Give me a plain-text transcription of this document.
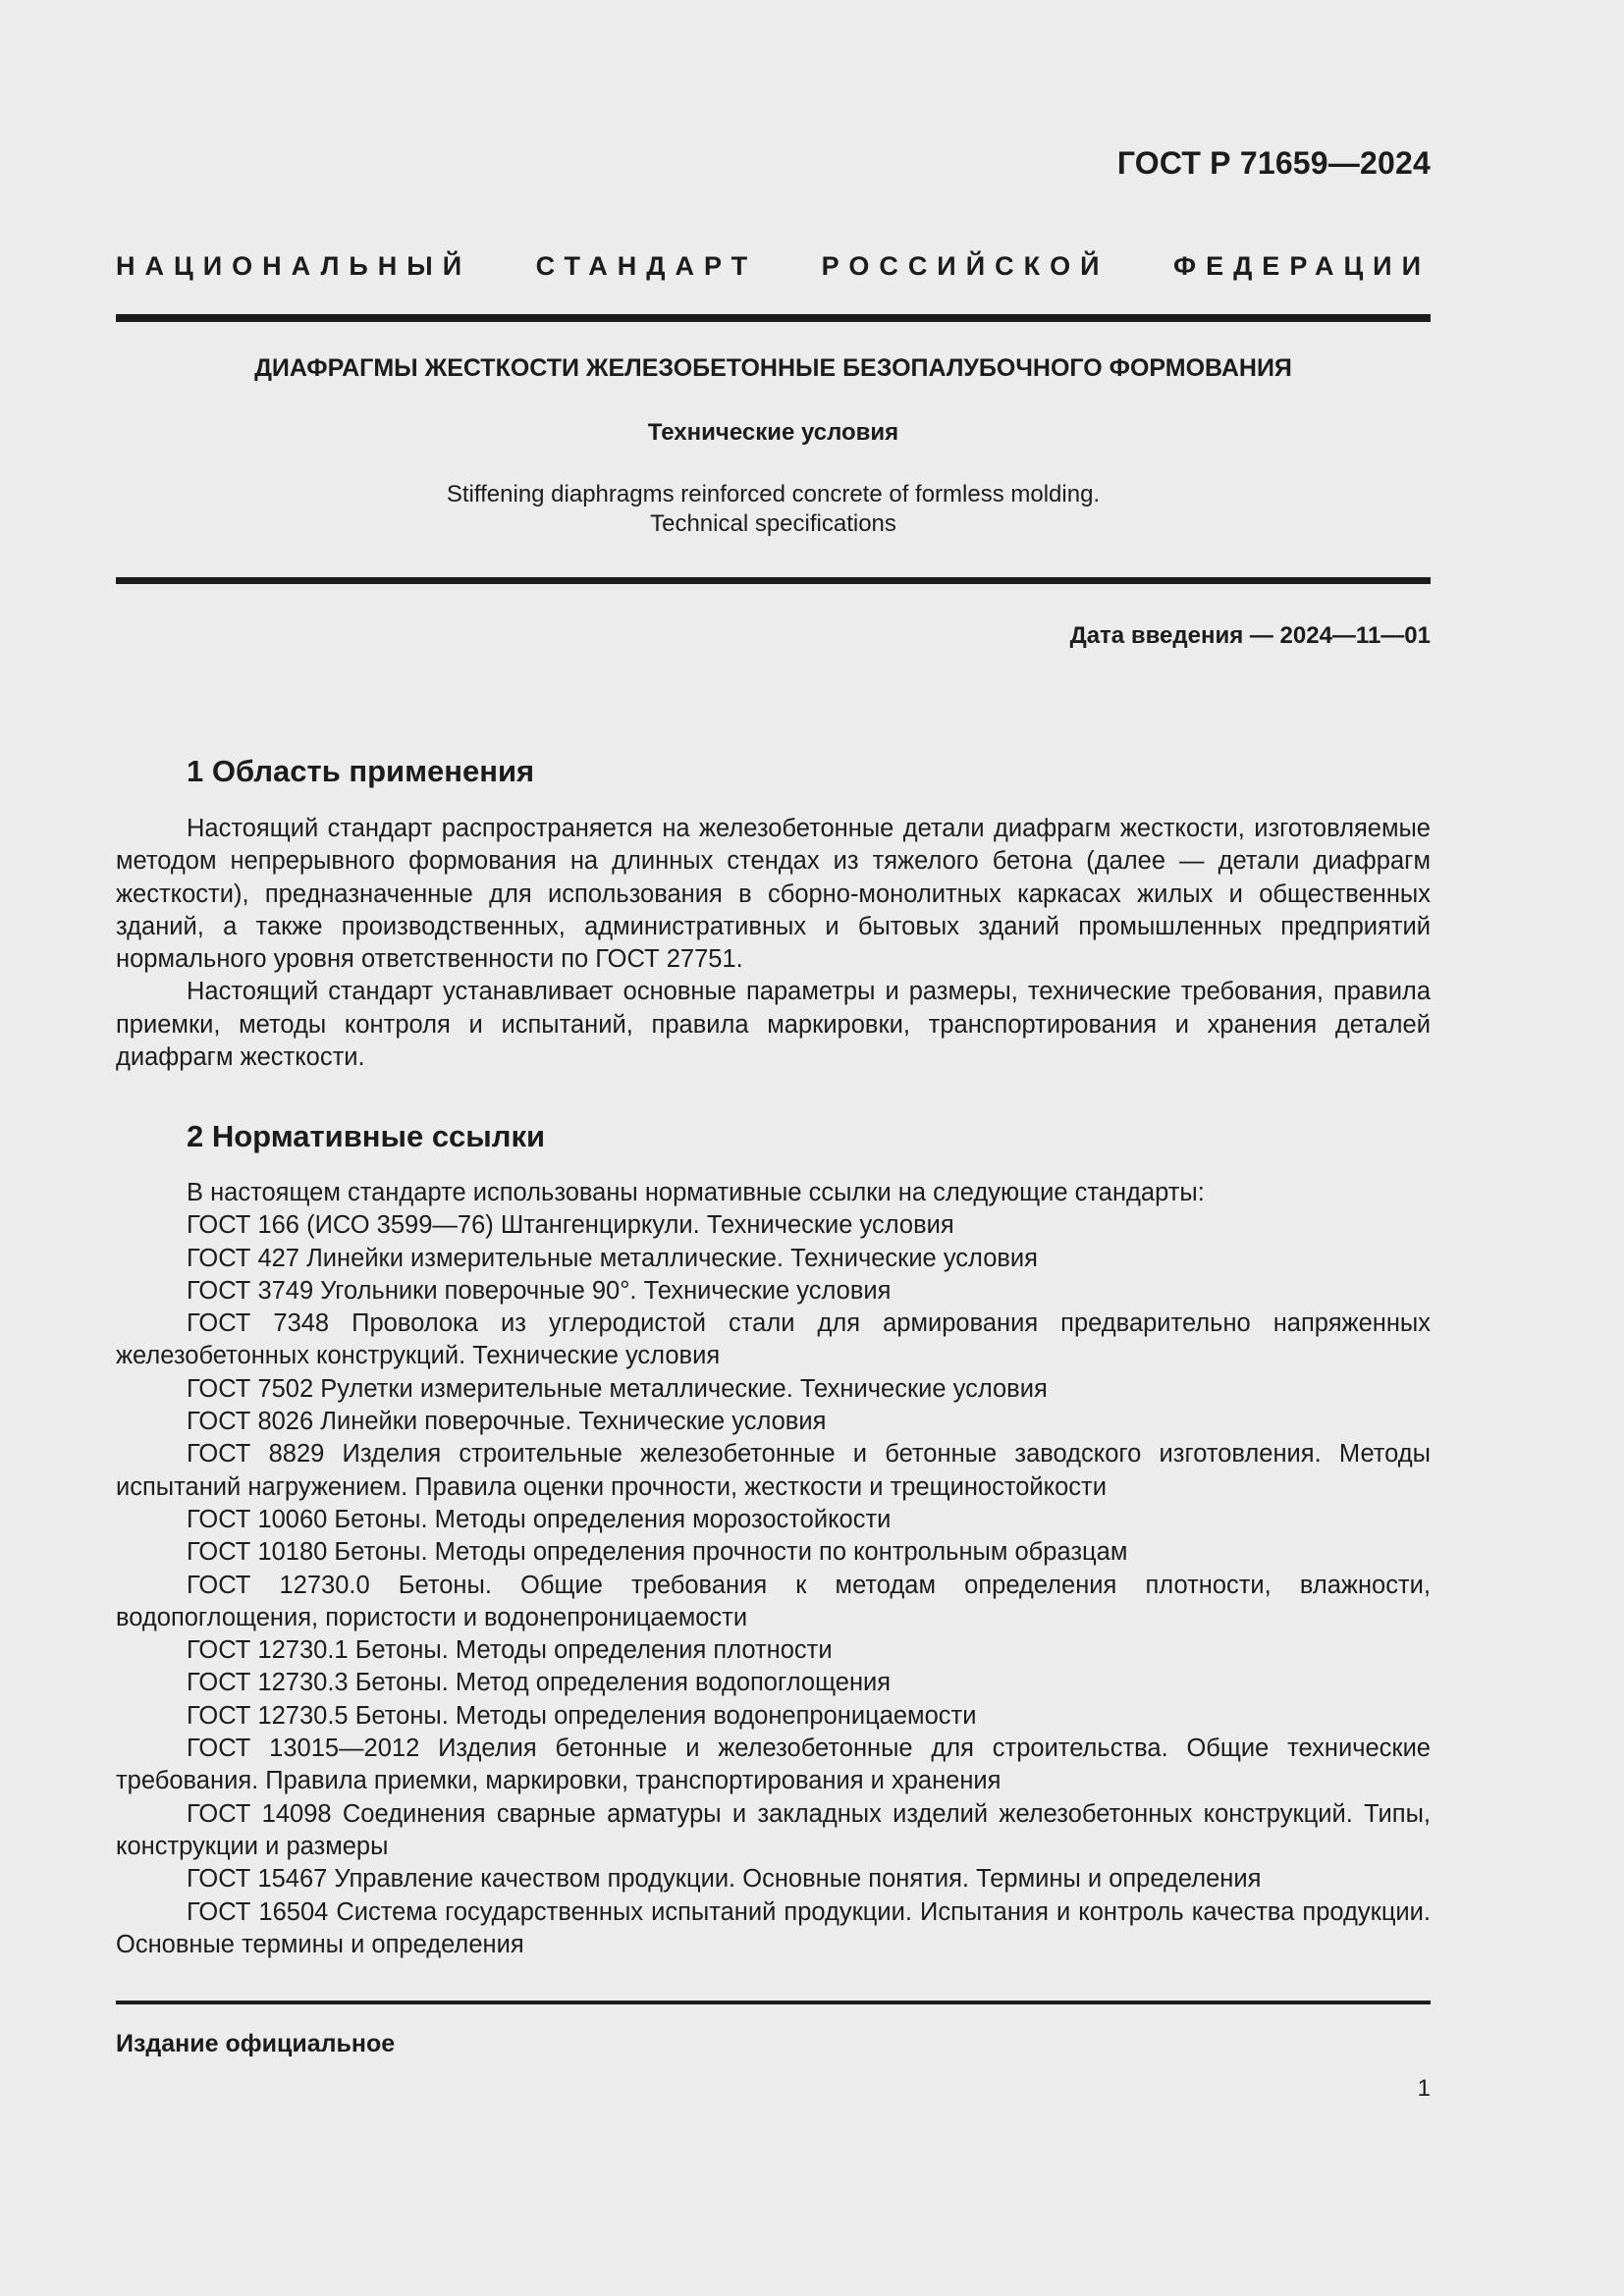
ГОСТ Р 71659—2024
НАЦИОНАЛЬНЫЙ СТАНДАРТ РОССИЙСКОЙ ФЕДЕРАЦИИ
ДИАФРАГМЫ ЖЕСТКОСТИ ЖЕЛЕЗОБЕТОННЫЕ БЕЗОПАЛУБОЧНОГО ФОРМОВАНИЯ
Технические условия
Stiffening diaphragms reinforced concrete of formless molding.
Technical specifications
Дата введения — 2024—11—01
1 Область применения

Настоящий стандарт распространяется на железобетонные детали диафрагм жесткости, изготовляемые методом непрерывного формования на длинных стендах из тяжелого бетона (далее — детали диафрагм жесткости), предназначенные для использования в сборно-монолитных каркасах жилых и общественных зданий, а также производственных, административных и бытовых зданий промышленных предприятий нормального уровня ответственности по ГОСТ 27751.

Настоящий стандарт устанавливает основные параметры и размеры, технические требования, правила приемки, методы контроля и испытаний, правила маркировки, транспортирования и хранения деталей диафрагм жесткости.

2 Нормативные ссылки

В настоящем стандарте использованы нормативные ссылки на следующие стандарты:

ГОСТ 166 (ИСО 3599—76) Штангенциркули. Технические условия

ГОСТ 427 Линейки измерительные металлические. Технические условия

ГОСТ 3749 Угольники поверочные 90°. Технические условия

ГОСТ 7348 Проволока из углеродистой стали для армирования предварительно напряженных железобетонных конструкций. Технические условия

ГОСТ 7502 Рулетки измерительные металлические. Технические условия

ГОСТ 8026 Линейки поверочные. Технические условия

ГОСТ 8829 Изделия строительные железобетонные и бетонные заводского изготовления. Методы испытаний нагружением. Правила оценки прочности, жесткости и трещиностойкости

ГОСТ 10060 Бетоны. Методы определения морозостойкости

ГОСТ 10180 Бетоны. Методы определения прочности по контрольным образцам

ГОСТ 12730.0 Бетоны. Общие требования к методам определения плотности, влажности, водопоглощения, пористости и водонепроницаемости

ГОСТ 12730.1 Бетоны. Методы определения плотности

ГОСТ 12730.3 Бетоны. Метод определения водопоглощения

ГОСТ 12730.5 Бетоны. Методы определения водонепроницаемости

ГОСТ 13015—2012 Изделия бетонные и железобетонные для строительства. Общие технические требования. Правила приемки, маркировки, транспортирования и хранения

ГОСТ 14098 Соединения сварные арматуры и закладных изделий железобетонных конструкций. Типы, конструкции и размеры

ГОСТ 15467 Управление качеством продукции. Основные понятия. Термины и определения

ГОСТ 16504 Система государственных испытаний продукции. Испытания и контроль качества продукции. Основные термины и определения

Издание официальное
1
